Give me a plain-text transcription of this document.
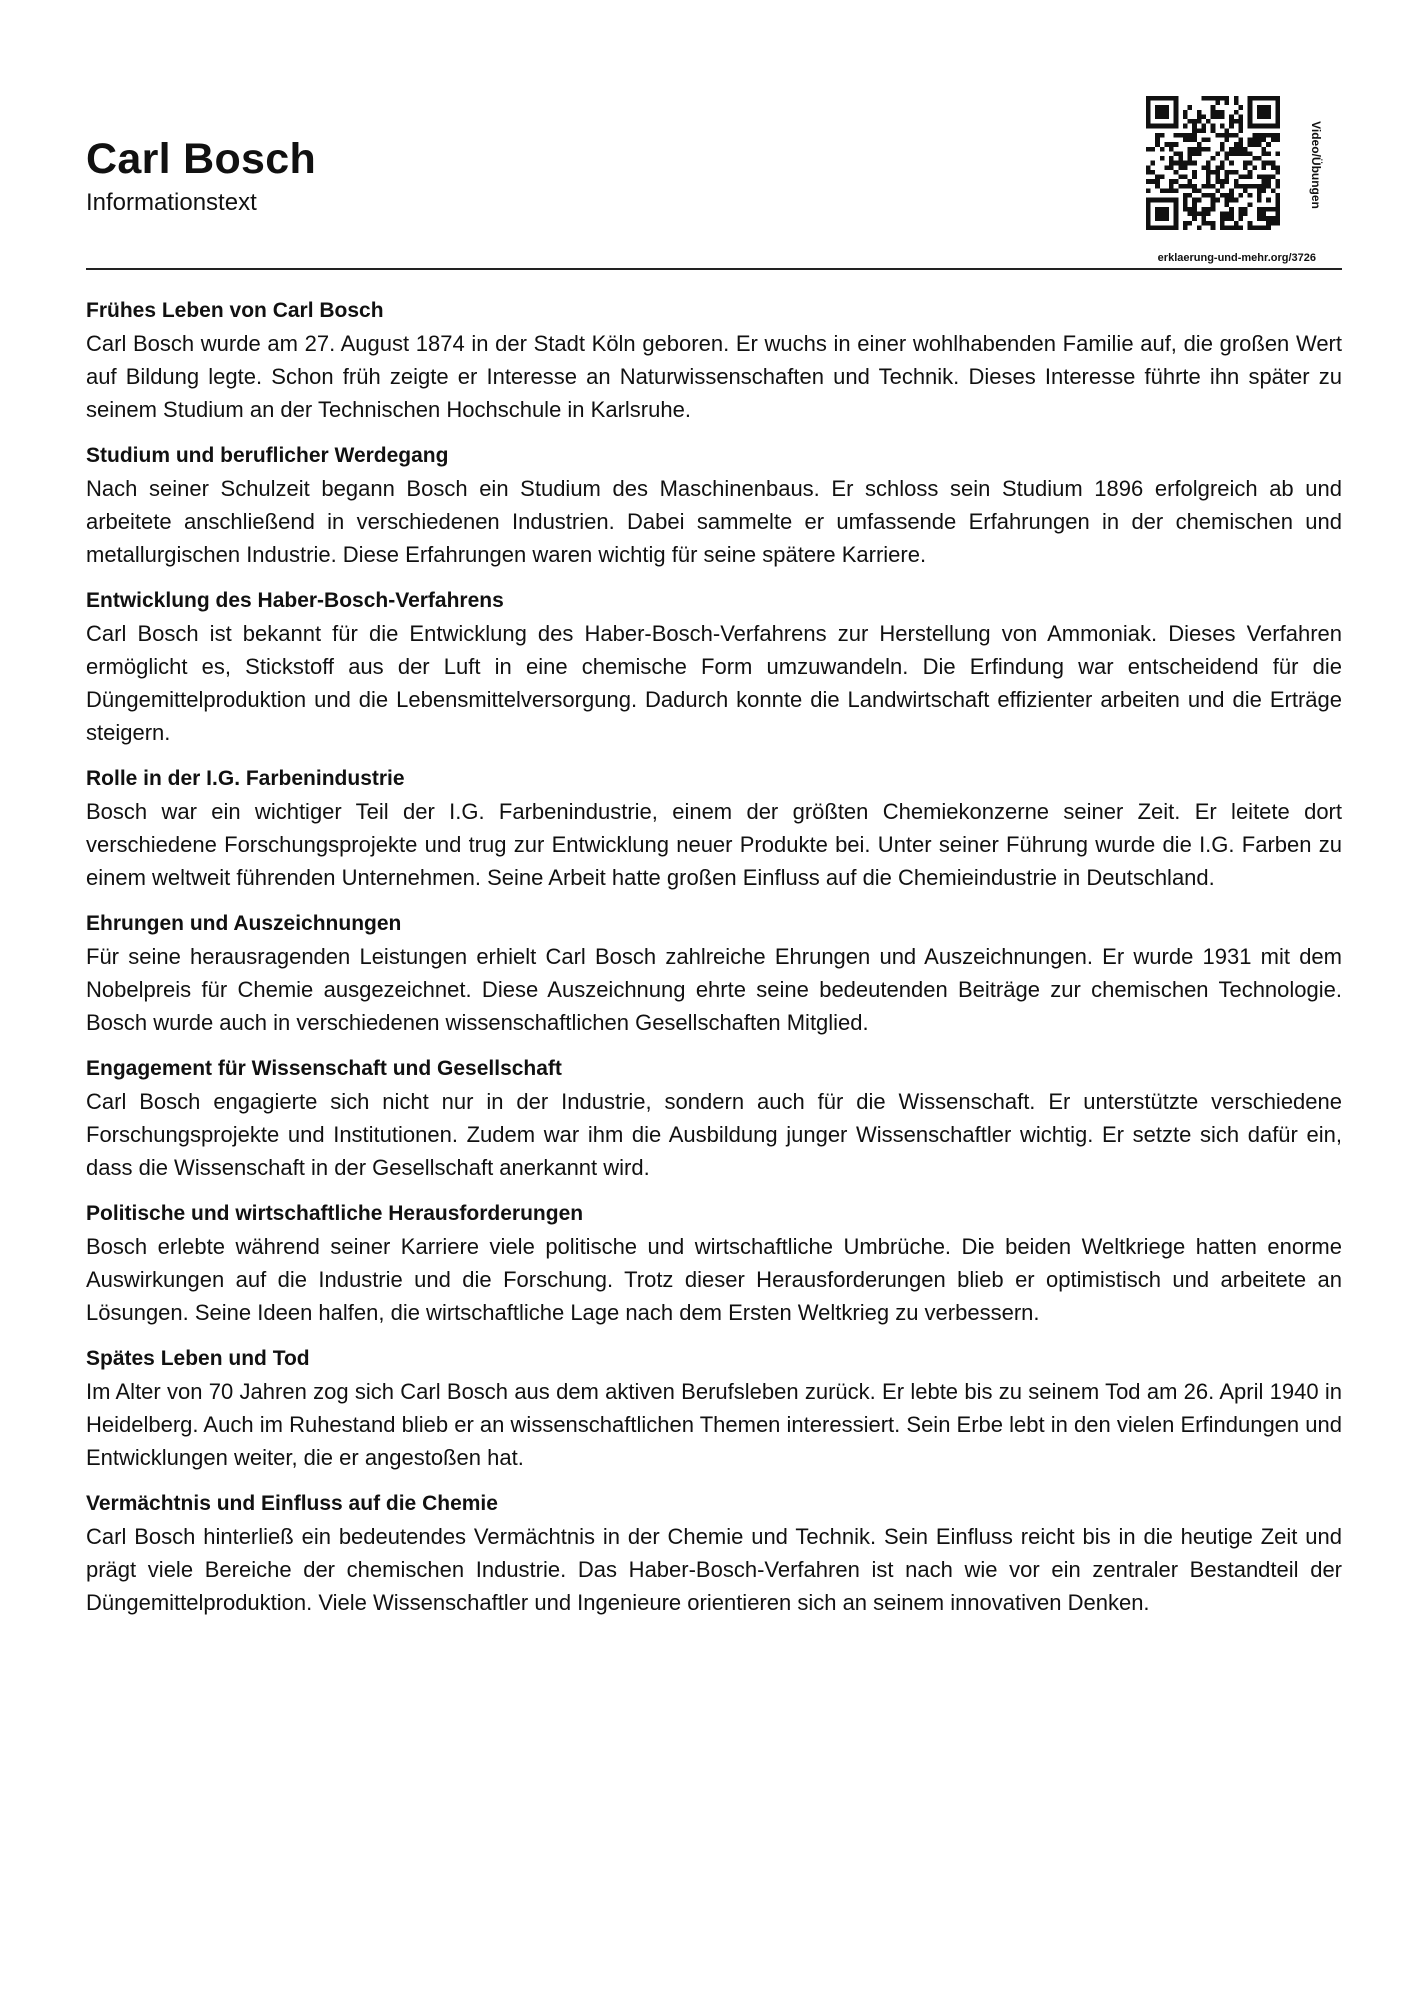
Carl Bosch
Informationstext	Video/Übungen
erklaerung-und-mehr.org/3726
Frühes Leben von Carl Bosch

Carl Bosch wurde am 27. August 1874 in der Stadt Köln geboren. Er wuchs in einer wohlhabenden Familie auf, die großen Wert auf Bildung legte. Schon früh zeigte er Interesse an Naturwissenschaften und Technik. Dieses Interesse führte ihn später zu seinem Studium an der Technischen Hochschule in Karlsruhe.

Studium und beruflicher Werdegang

Nach seiner Schulzeit begann Bosch ein Studium des Maschinenbaus. Er schloss sein Studium 1896 erfolgreich ab und arbeitete anschließend in verschiedenen Industrien. Dabei sammelte er umfassende Erfahrungen in der chemischen und metallurgischen Industrie. Diese Erfahrungen waren wichtig für seine spätere Karriere.

Entwicklung des Haber-Bosch-Verfahrens

Carl Bosch ist bekannt für die Entwicklung des Haber-Bosch-Verfahrens zur Herstellung von Ammoniak. Dieses Verfahren ermöglicht es, Stickstoff aus der Luft in eine chemische Form umzuwandeln. Die Erfindung war entscheidend für die Düngemittelproduktion und die Lebensmittelversorgung. Dadurch konnte die Landwirtschaft effizienter arbeiten und die Erträge steigern.

Rolle in der I.G. Farbenindustrie

Bosch war ein wichtiger Teil der I.G. Farbenindustrie, einem der größten Chemiekonzerne seiner Zeit. Er leitete dort verschiedene Forschungsprojekte und trug zur Entwicklung neuer Produkte bei. Unter seiner Führung wurde die I.G. Farben zu einem weltweit führenden Unternehmen. Seine Arbeit hatte großen Einfluss auf die Chemieindustrie in Deutschland.

Ehrungen und Auszeichnungen

Für seine herausragenden Leistungen erhielt Carl Bosch zahlreiche Ehrungen und Auszeichnungen. Er wurde 1931 mit dem Nobelpreis für Chemie ausgezeichnet. Diese Auszeichnung ehrte seine bedeutenden Beiträge zur chemischen Technologie. Bosch wurde auch in verschiedenen wissenschaftlichen Gesellschaften Mitglied.

Engagement für Wissenschaft und Gesellschaft

Carl Bosch engagierte sich nicht nur in der Industrie, sondern auch für die Wissenschaft. Er unterstützte verschiedene Forschungsprojekte und Institutionen. Zudem war ihm die Ausbildung junger Wissenschaftler wichtig. Er setzte sich dafür ein, dass die Wissenschaft in der Gesellschaft anerkannt wird.

Politische und wirtschaftliche Herausforderungen

Bosch erlebte während seiner Karriere viele politische und wirtschaftliche Umbrüche. Die beiden Weltkriege hatten enorme Auswirkungen auf die Industrie und die Forschung. Trotz dieser Herausforderungen blieb er optimistisch und arbeitete an Lösungen. Seine Ideen halfen, die wirtschaftliche Lage nach dem Ersten Weltkrieg zu verbessern.

Spätes Leben und Tod

Im Alter von 70 Jahren zog sich Carl Bosch aus dem aktiven Berufsleben zurück. Er lebte bis zu seinem Tod am 26. April 1940 in Heidelberg. Auch im Ruhestand blieb er an wissenschaftlichen Themen interessiert. Sein Erbe lebt in den vielen Erfindungen und Entwicklungen weiter, die er angestoßen hat.

Vermächtnis und Einfluss auf die Chemie

Carl Bosch hinterließ ein bedeutendes Vermächtnis in der Chemie und Technik. Sein Einfluss reicht bis in die heutige Zeit und prägt viele Bereiche der chemischen Industrie. Das Haber-Bosch-Verfahren ist nach wie vor ein zentraler Bestandteil der Düngemittelproduktion. Viele Wissenschaftler und Ingenieure orientieren sich an seinem innovativen Denken.
